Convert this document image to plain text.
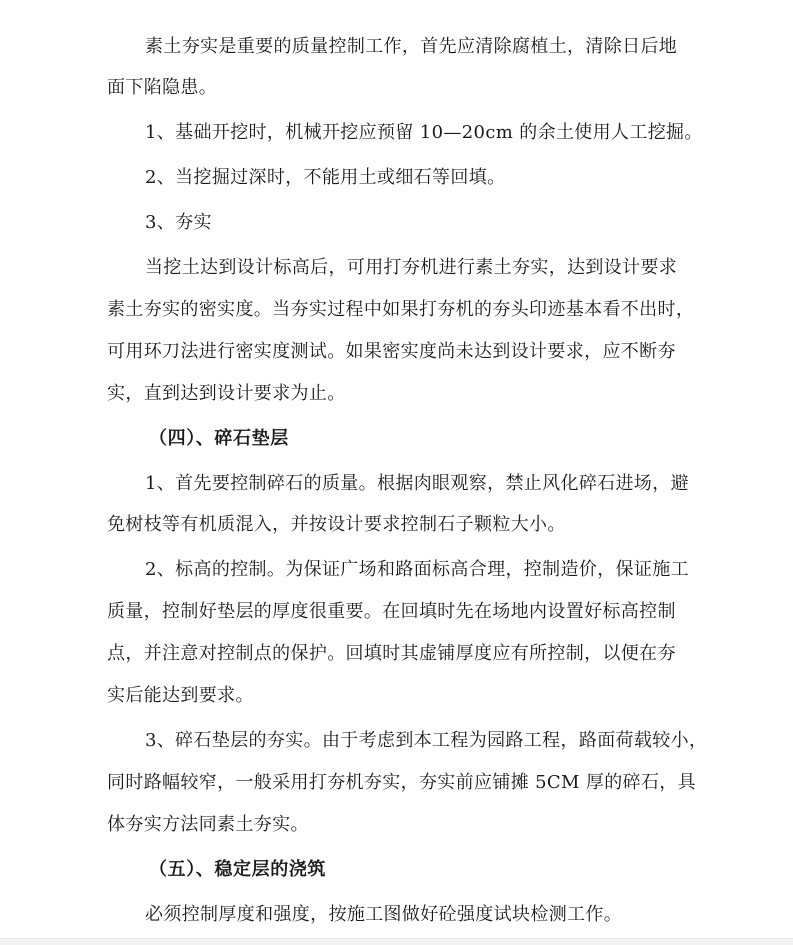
素土夯实是重要的质量控制工作，首先应清除腐植土，清除日后地
面下陷隐患。
1、基础开挖时，机械开挖应预留 10—20cm 的余土使用人工挖掘。
2、当挖掘过深时，不能用土或细石等回填。
3、夯实
当挖土达到设计标高后，可用打夯机进行素土夯实，达到设计要求
素土夯实的密实度。当夯实过程中如果打夯机的夯头印迹基本看不出时，
可用环刀法进行密实度测试。如果密实度尚未达到设计要求，应不断夯
实，直到达到设计要求为止。
（四）、碎石垫层
1、首先要控制碎石的质量。根据肉眼观察，禁止风化碎石进场，避
免树枝等有机质混入，并按设计要求控制石子颗粒大小。
2、标高的控制。为保证广场和路面标高合理，控制造价，保证施工
质量，控制好垫层的厚度很重要。在回填时先在场地内设置好标高控制
点，并注意对控制点的保护。回填时其虚铺厚度应有所控制，以便在夯
实后能达到要求。
3、碎石垫层的夯实。由于考虑到本工程为园路工程，路面荷载较小，
同时路幅较窄，一般采用打夯机夯实，夯实前应铺摊 5CM 厚的碎石，具
体夯实方法同素土夯实。
（五）、稳定层的浇筑
必须控制厚度和强度，按施工图做好砼强度试块检测工作。
